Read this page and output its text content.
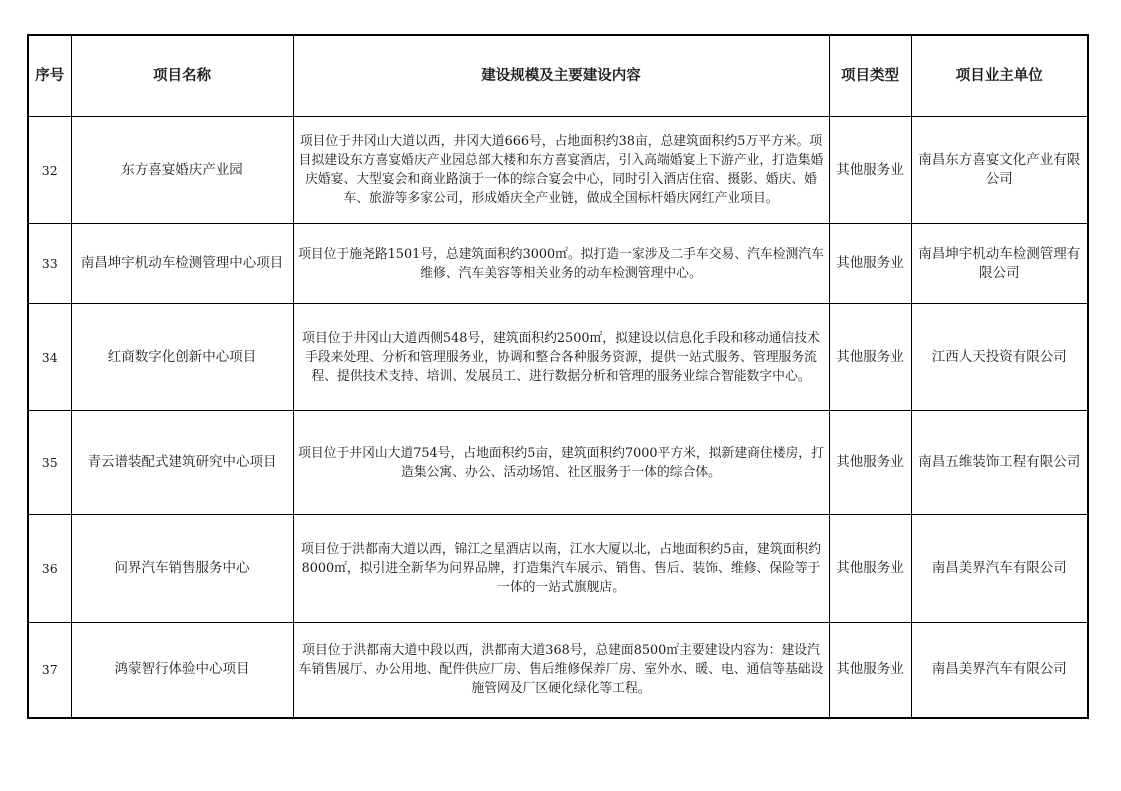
序号	项目名称	建设规模及主要建设内容	项目类型	项目业主单位
32	东方喜宴婚庆产业园	项目位于井冈山大道以西，井冈大道666号，占地面积约38亩，总建筑面积约5万平方米。项目拟建设东方喜宴婚庆产业园总部大楼和东方喜宴酒店，引入高端婚宴上下游产业，打造集婚庆婚宴、大型宴会和商业路演于一体的综合宴会中心，同时引入酒店住宿、摄影、婚庆、婚车、旅游等多家公司，形成婚庆全产业链，做成全国标杆婚庆网红产业项目。	其他服务业	南昌东方喜宴文化产业有限公司
33	南昌坤宇机动车检测管理中心项目	项目位于施尧路1501号，总建筑面积约3000㎡。拟打造一家涉及二手车交易、汽车检测汽车维修、汽车美容等相关业务的动车检测管理中心。	其他服务业	南昌坤宇机动车检测管理有限公司
34	红商数字化创新中心项目	项目位于井冈山大道西侧548号，建筑面积约2500㎡，拟建设以信息化手段和移动通信技术手段来处理、分析和管理服务业，协调和整合各种服务资源，提供一站式服务、管理服务流程、提供技术支持、培训、发展员工、进行数据分析和管理的服务业综合智能数字中心。	其他服务业	江西人天投资有限公司
35	青云谱装配式建筑研究中心项目	项目位于井冈山大道754号，占地面积约5亩，建筑面积约7000平方米，拟新建商住楼房，打造集公寓、办公、活动场馆、社区服务于一体的综合体。	其他服务业	南昌五维装饰工程有限公司
36	问界汽车销售服务中心	项目位于洪都南大道以西，锦江之星酒店以南，江水大厦以北，占地面积约5亩，建筑面积约8000㎡，拟引进全新华为问界品牌，打造集汽车展示、销售、售后、装饰、维修、保险等于一体的一站式旗舰店。	其他服务业	南昌美界汽车有限公司
37	鸿蒙智行体验中心项目	项目位于洪都南大道中段以西，洪都南大道368号，总建面8500㎡主要建设内容为：建设汽车销售展厅、办公用地、配件供应厂房、售后维修保养厂房、室外水、暖、电、通信等基础设施管网及厂区硬化绿化等工程。	其他服务业	南昌美界汽车有限公司
